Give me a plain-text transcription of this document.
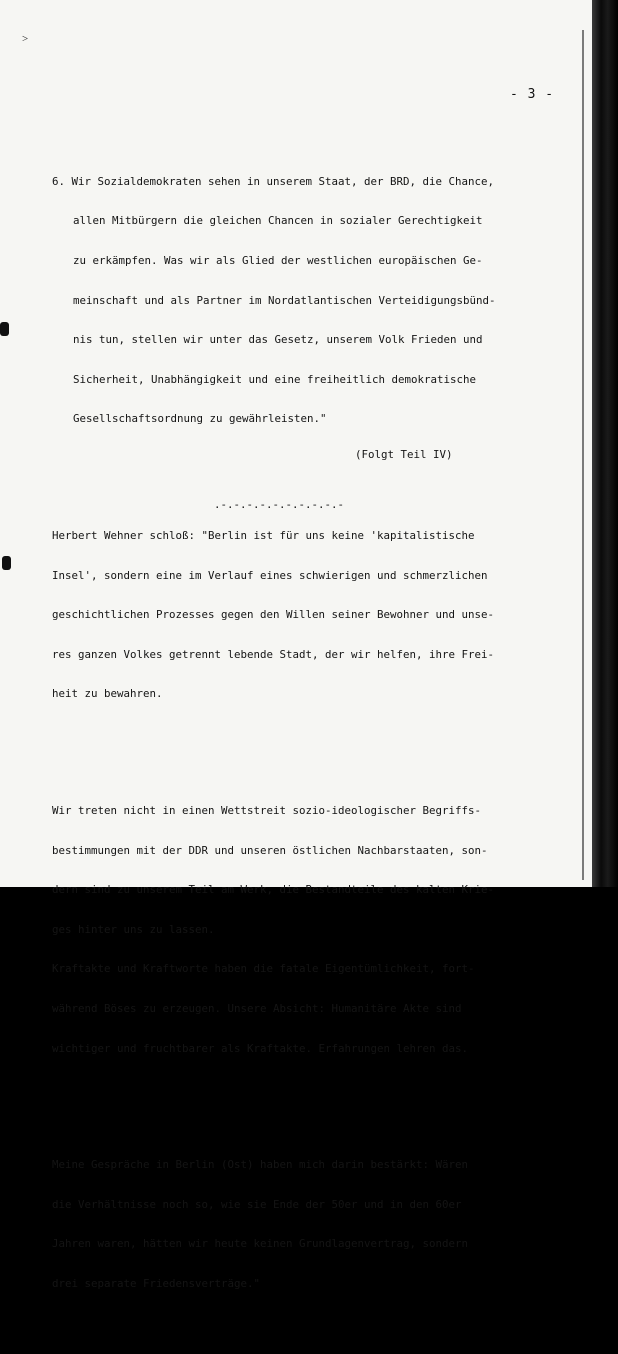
˃
- 3 -

6. Wir Sozialdemokraten sehen in unserem Staat, der BRD, die Chance,

allen Mitbürgern die gleichen Chancen in sozialer Gerechtigkeit

zu erkämpfen. Was wir als Glied der westlichen europäischen Ge-

meinschaft und als Partner im Nordatlantischen Verteidigungsbünd-

nis tun, stellen wir unter das Gesetz, unserem Volk Frieden und

Sicherheit, Unabhängigkeit und eine freiheitlich demokratische

Gesellschaftsordnung zu gewährleisten."

Herbert Wehner schloß: "Berlin ist für uns keine 'kapitalistische

Insel', sondern eine im Verlauf eines schwierigen und schmerzlichen

geschichtlichen Prozesses gegen den Willen seiner Bewohner und unse-

res ganzen Volkes getrennt lebende Stadt, der wir helfen, ihre Frei-

heit zu bewahren.

Wir treten nicht in einen Wettstreit sozio-ideologischer Begriffs-

bestimmungen mit der DDR und unseren östlichen Nachbarstaaten, son-

dern sind zu unserem Teil am Werk, die Bestandteile des kalten Krie-

ges hinter uns zu lassen.

Kraftakte und Kraftworte haben die fatale Eigentümlichkeit, fort-

während Böses zu erzeugen. Unsere Absicht: Humanitäre Akte sind

wichtiger und fruchtbarer als Kraftakte. Erfahrungen lehren das.

Meine Gespräche in Berlin (Ost) haben mich darin bestärkt: Wären

die Verhältnisse noch so, wie sie Ende der 50er und in den 60er

Jahren waren, hätten wir heute keinen Grundlagenvertrag, sondern

drei separate Friedensverträge."

(Folgt Teil IV)
.-.-.-.-.-.-.-.-.-.-
